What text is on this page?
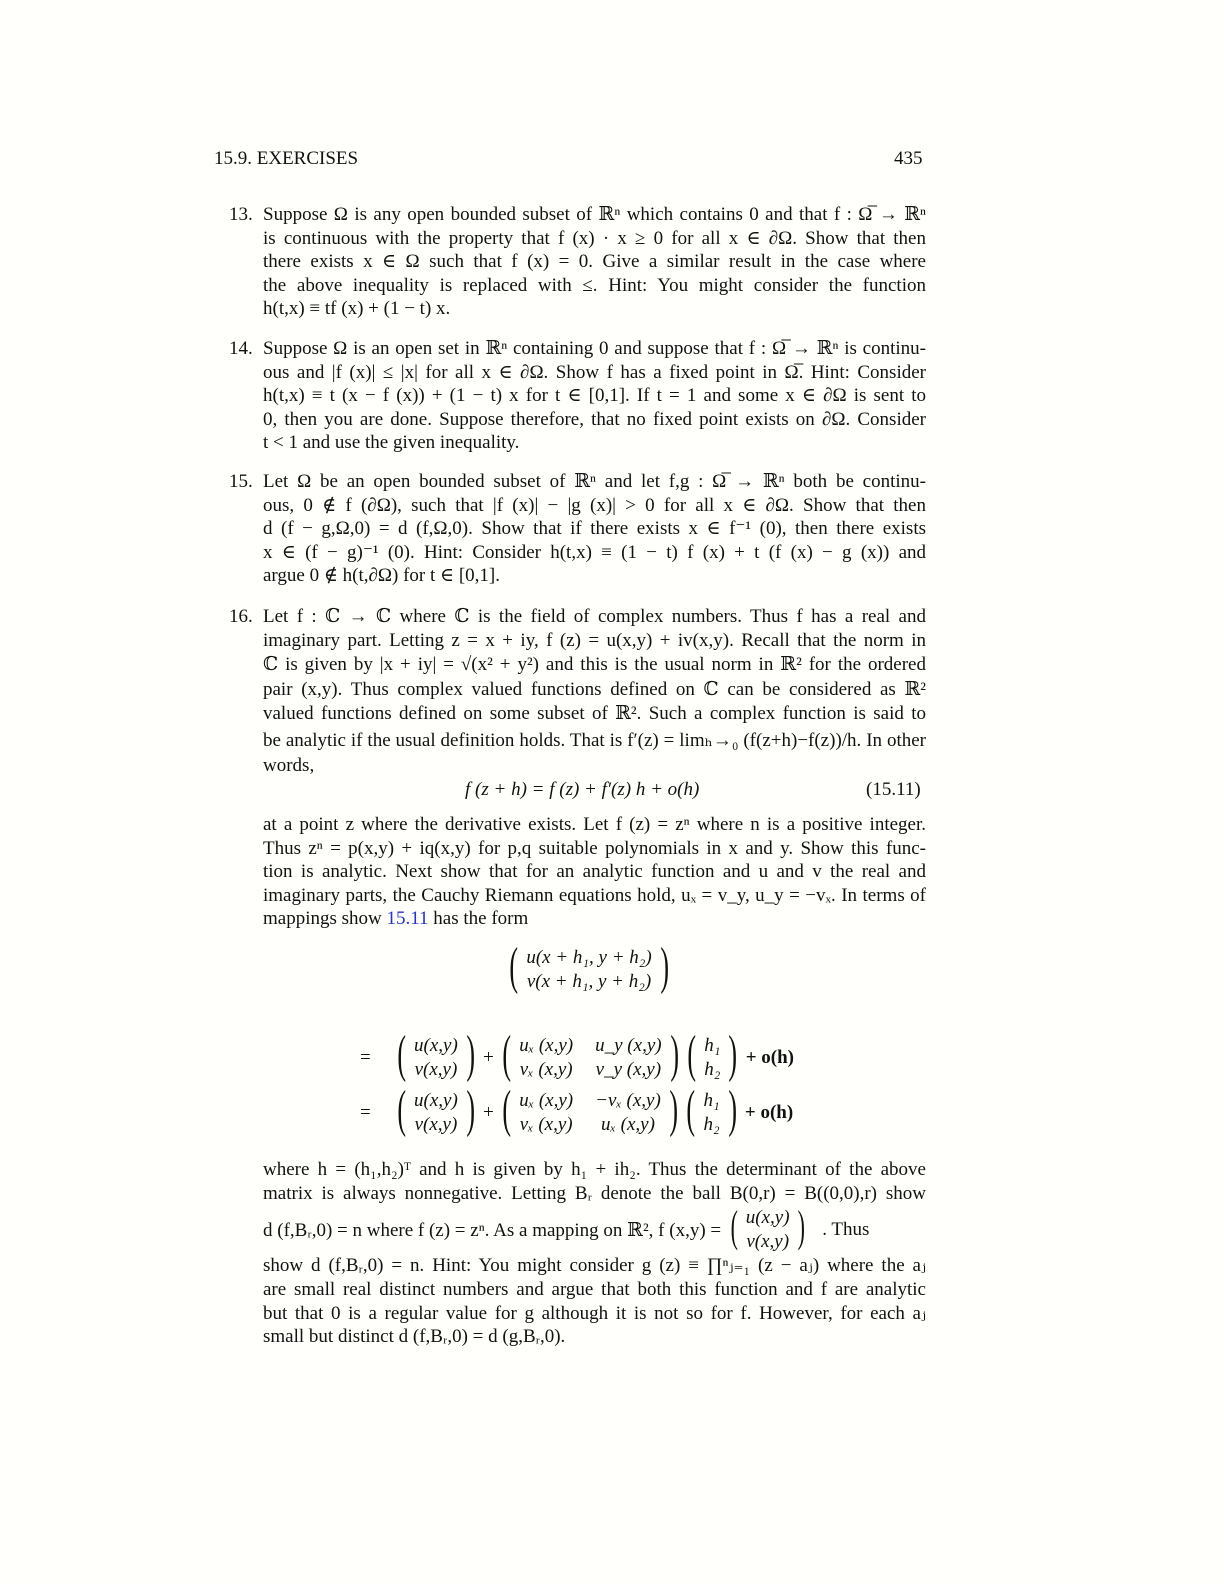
15.9. EXERCISES	435
13. Suppose Ω is any open bounded subset of ℝⁿ which contains 0 and that f : Ω̅ → ℝⁿ
is continuous with the property that f (x) · x ≥ 0 for all x ∈ ∂Ω. Show that then
there exists x ∈ Ω such that f (x) = 0. Give a similar result in the case where
the above inequality is replaced with ≤. Hint: You might consider the function
h(t,x) ≡ tf (x) + (1 − t) x.
14. Suppose Ω is an open set in ℝⁿ containing 0 and suppose that f : Ω̅ → ℝⁿ is continu-
ous and |f (x)| ≤ |x| for all x ∈ ∂Ω. Show f has a fixed point in Ω̅. Hint: Consider
h(t,x) ≡ t (x − f (x)) + (1 − t) x for t ∈ [0,1]. If t = 1 and some x ∈ ∂Ω is sent to
0, then you are done. Suppose therefore, that no fixed point exists on ∂Ω. Consider
t < 1 and use the given inequality.
15. Let Ω be an open bounded subset of ℝⁿ and let f,g : Ω̅ → ℝⁿ both be continu-
ous, 0 ∉ f (∂Ω), such that |f (x)| − |g (x)| > 0 for all x ∈ ∂Ω. Show that then
d (f − g,Ω,0) = d (f,Ω,0). Show that if there exists x ∈ f⁻¹ (0), then there exists
x ∈ (f − g)⁻¹ (0). Hint: Consider h(t,x) ≡ (1 − t) f (x) + t (f (x) − g (x)) and
argue 0 ∉ h(t,∂Ω) for t ∈ [0,1].
16. Let f : ℂ → ℂ where ℂ is the field of complex numbers. Thus f has a real and
imaginary part. Letting z = x + iy, f (z) = u(x,y) + iv(x,y). Recall that the norm in
ℂ is given by |x + iy| = √(x² + y²) and this is the usual norm in ℝ² for the ordered
pair (x,y). Thus complex valued functions defined on ℂ can be considered as ℝ²
valued functions defined on some subset of ℝ². Such a complex function is said to
be analytic if the usual definition holds. That is f′(z) = limₕ→₀ (f(z+h)−f(z))/h. In other
words,
f (z + h) = f (z) + f′(z) h + o(h)	(15.11)
at a point z where the derivative exists. Let f (z) = zⁿ where n is a positive integer.
Thus zⁿ = p(x,y) + iq(x,y) for p,q suitable polynomials in x and y. Show this func-
tion is analytic. Next show that for an analytic function and u and v the real and
imaginary parts, the Cauchy Riemann equations hold, uₓ = v_y, u_y = −vₓ. In terms of
mappings show 15.11 has the form
( u(x + h₁, y + h₂)
v(x + h₁, y + h₂) )
= ( u(x,y)
v(x,y) ) + ( uₓ (x,y) u_y (x,y)
vₓ (x,y) v_y (x,y) ) ( h₁
h₂ ) + o(h)
= ( u(x,y)
v(x,y) ) + ( uₓ (x,y) −vₓ (x,y)
vₓ (x,y)	uₓ (x,y) ) ( h₁
h₂ ) + o(h)
where h = (h₁,h₂)ᵀ and h is given by h₁ + ih₂. Thus the determinant of the above
matrix is always nonnegative. Letting Bᵣ denote the ball B(0,r) = B((0,0),r) show
d (f,Bᵣ,0) = n where f (z) = zⁿ. As a mapping on ℝ², f (x,y) = ( u(x,y)
v(x,y) ) . Thus
show d (f,Bᵣ,0) = n. Hint: You might consider g (z) ≡ ∏ⁿⱼ₌₁ (z − aⱼ) where the aⱼ
are small real distinct numbers and argue that both this function and f are analytic
but that 0 is a regular value for g although it is not so for f. However, for each aⱼ
small but distinct d (f,Bᵣ,0) = d (g,Bᵣ,0).
